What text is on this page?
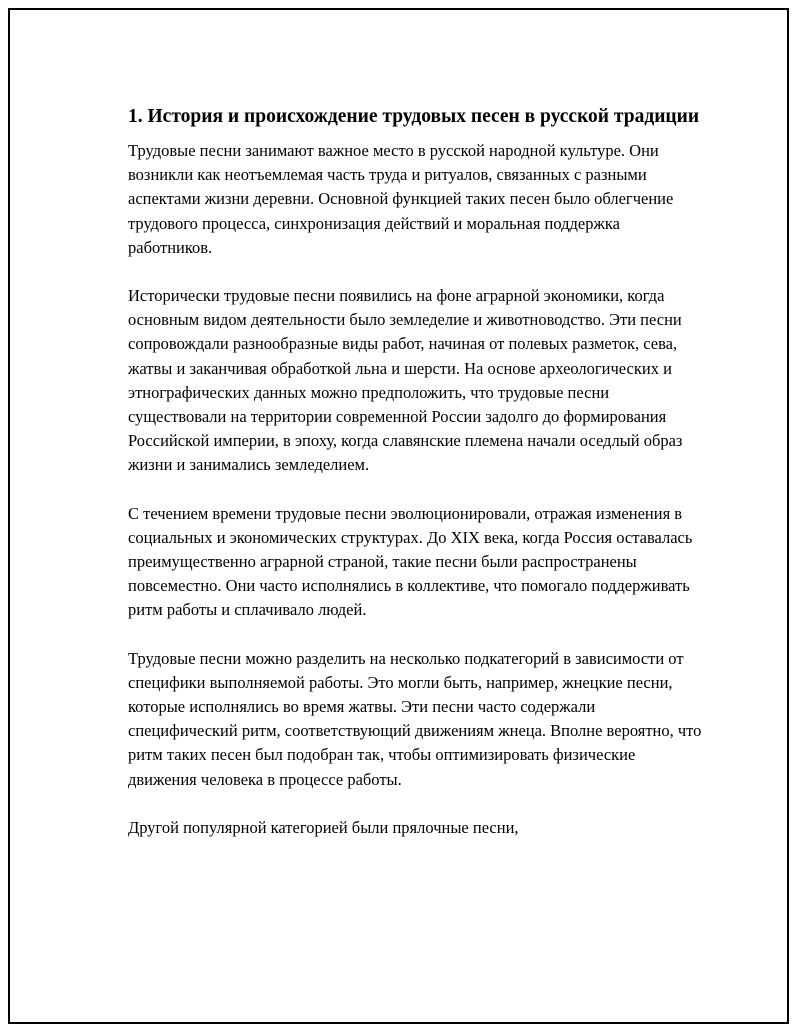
1. История и происхождение трудовых песен в русской традиции

Трудовые песни занимают важное место в русской народной культуре. Они возникли как неотъемлемая часть труда и ритуалов, связанных с разными аспектами жизни деревни. Основной функцией таких песен было облегчение трудового процесса, синхронизация действий и моральная поддержка работников.

Исторически трудовые песни появились на фоне аграрной экономики, когда основным видом деятельности было земледелие и животноводство. Эти песни сопровождали разнообразные виды работ, начиная от полевых разметок, сева, жатвы и заканчивая обработкой льна и шерсти. На основе археологических и этнографических данных можно предположить, что трудовые песни существовали на территории современной России задолго до формирования Российской империи, в эпоху, когда славянские племена начали оседлый образ жизни и занимались земледелием.

С течением времени трудовые песни эволюционировали, отражая изменения в социальных и экономических структурах. До XIX века, когда Россия оставалась преимущественно аграрной страной, такие песни были распространены повсеместно. Они часто исполнялись в коллективе, что помогало поддерживать ритм работы и сплачивало людей.

Трудовые песни можно разделить на несколько подкатегорий в зависимости от специфики выполняемой работы. Это могли быть, например, жнецкие песни, которые исполнялись во время жатвы. Эти песни часто содержали специфический ритм, соответствующий движениям жнеца. Вполне вероятно, что ритм таких песен был подобран так, чтобы оптимизировать физические движения человека в процессе работы.

Другой популярной категорией были прялочные песни,
